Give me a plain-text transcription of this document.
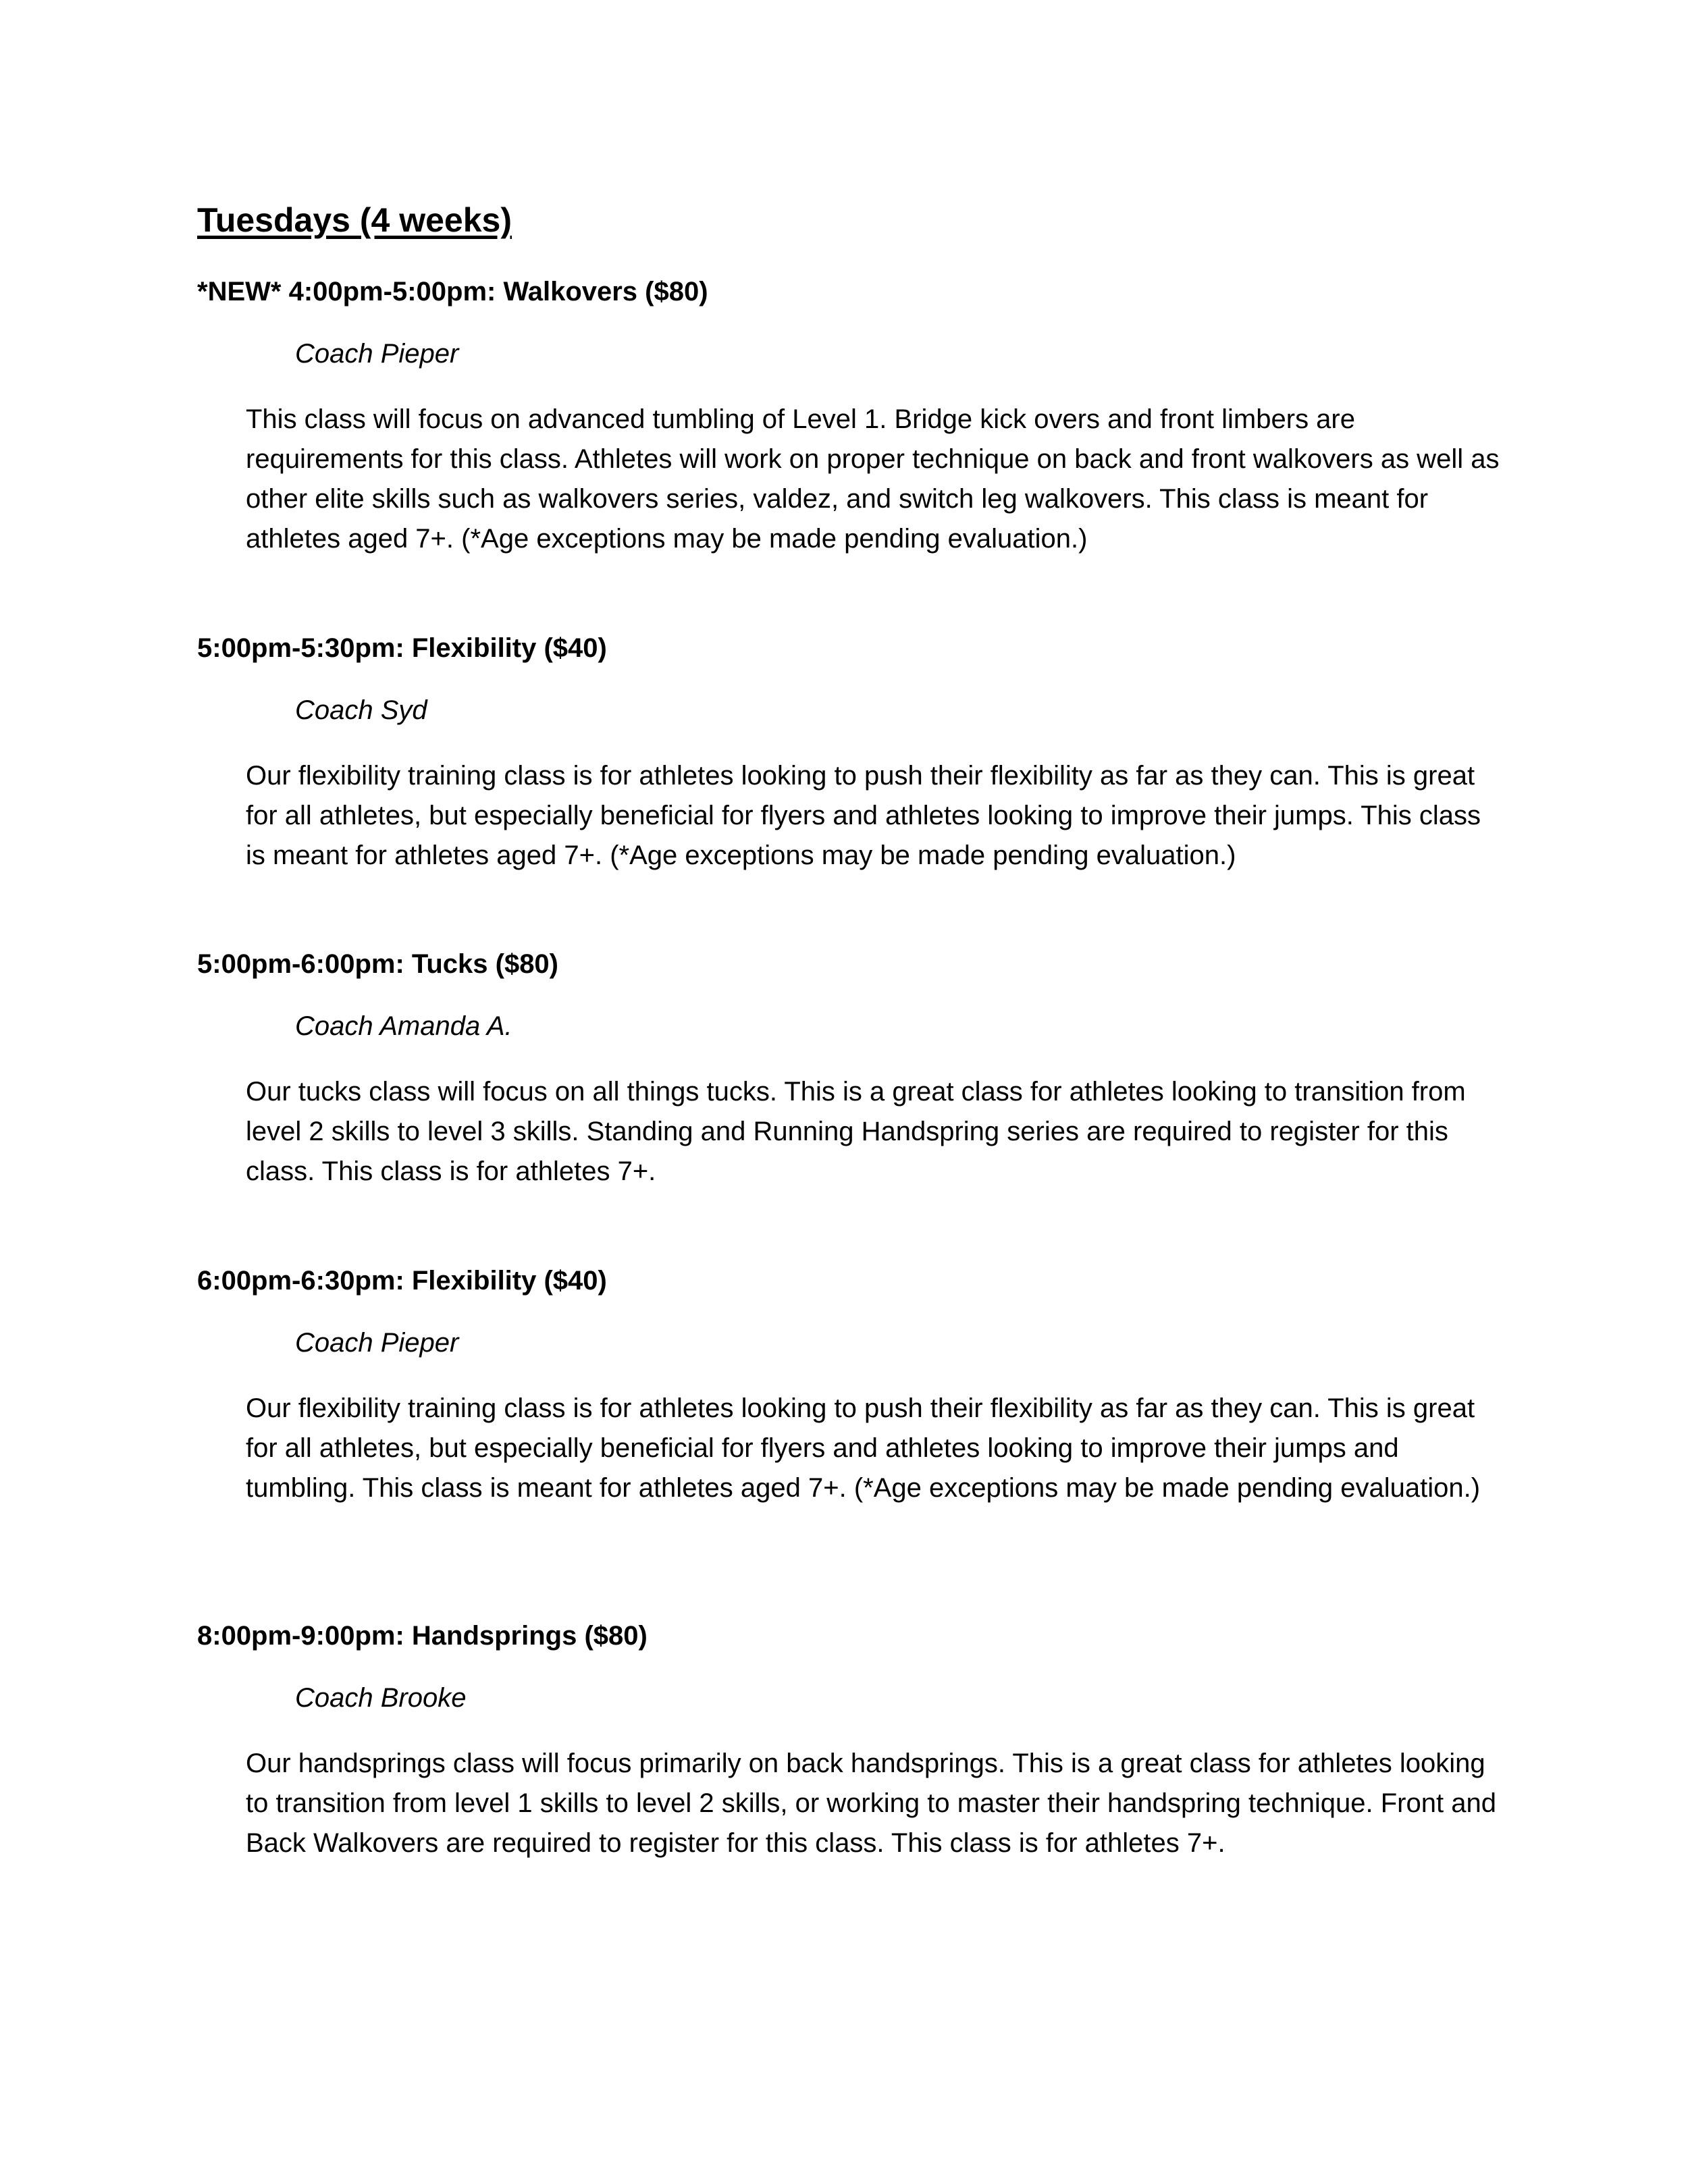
Tuesdays (4 weeks)

*NEW* 4:00pm-5:00pm: Walkovers ($80)

Coach Pieper

This class will focus on advanced tumbling of Level 1. Bridge kick overs and front limbers are requirements for this class. Athletes will work on proper technique on back and front walkovers as well as other elite skills such as walkovers series, valdez, and switch leg walkovers. This class is meant for athletes aged 7+. (*Age exceptions may be made pending evaluation.)

5:00pm-5:30pm: Flexibility ($40)

Coach Syd

Our flexibility training class is for athletes looking to push their flexibility as far as they can. This is great for all athletes, but especially beneficial for flyers and athletes looking to improve their jumps. This class is meant for athletes aged 7+. (*Age exceptions may be made pending evaluation.)

5:00pm-6:00pm: Tucks ($80)

Coach Amanda A.

Our tucks class will focus on all things tucks. This is a great class for athletes looking to transition from level 2 skills to level 3 skills. Standing and Running Handspring series are required to register for this class. This class is for athletes 7+.

6:00pm-6:30pm: Flexibility ($40)

Coach Pieper

Our flexibility training class is for athletes looking to push their flexibility as far as they can. This is great for all athletes, but especially beneficial for flyers and athletes looking to improve their jumps and tumbling. This class is meant for athletes aged 7+. (*Age exceptions may be made pending evaluation.)

8:00pm-9:00pm: Handsprings ($80)

Coach Brooke

Our handsprings class will focus primarily on back handsprings. This is a great class for athletes looking to transition from level 1 skills to level 2 skills, or working to master their handspring technique. Front and Back Walkovers are required to register for this class. This class is for athletes 7+.
